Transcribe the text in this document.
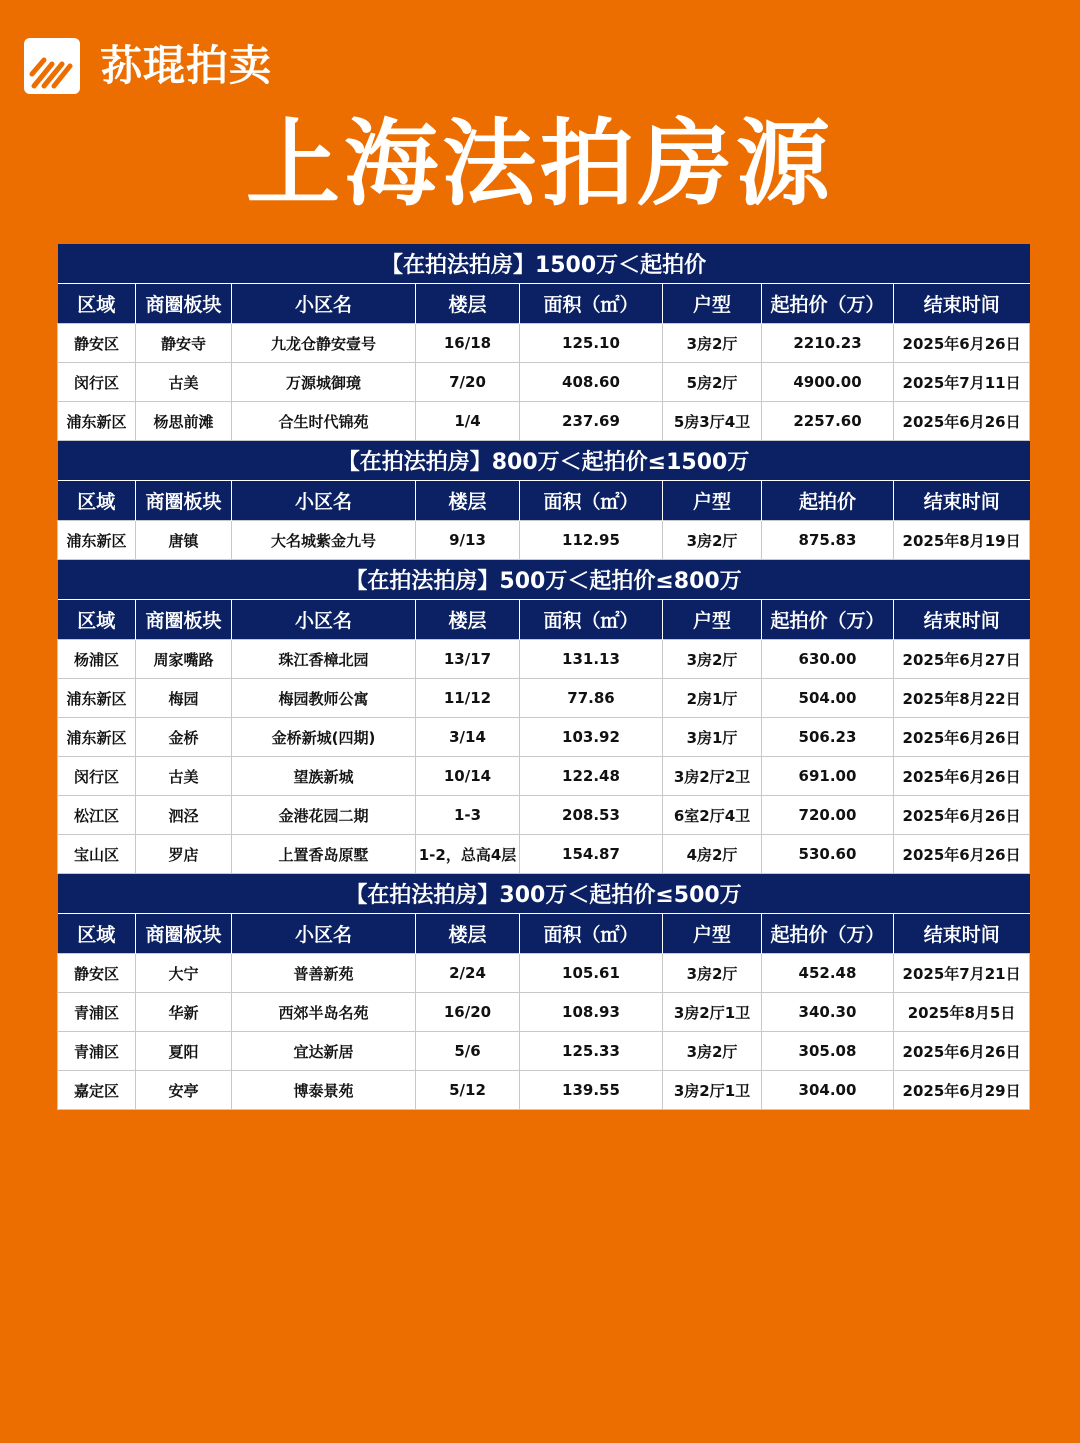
荪琨拍卖
上海法拍房源
【在拍法拍房】1500万＜起拍价							
区域	商圈板块	小区名	楼层	面积（㎡）	户型	起拍价（万）	结束时间
静安区	静安寺	九龙仓静安壹号	16/18	125.10	3房2厅	2210.23	2025年6月26日
闵行区	古美	万源城御璄	7/20	408.60	5房2厅	4900.00	2025年7月11日
浦东新区	杨思前滩	合生时代锦苑	1/4	237.69	5房3厅4卫	2257.60	2025年6月26日
【在拍法拍房】800万＜起拍价≤1500万							
区域	商圈板块	小区名	楼层	面积（㎡）	户型	起拍价	结束时间
浦东新区	唐镇	大名城紫金九号	9/13	112.95	3房2厅	875.83	2025年8月19日
【在拍法拍房】500万＜起拍价≤800万							
区域	商圈板块	小区名	楼层	面积（㎡）	户型	起拍价（万）	结束时间
杨浦区	周家嘴路	珠江香樟北园	13/17	131.13	3房2厅	630.00	2025年6月27日
浦东新区	梅园	梅园教师公寓	11/12	77.86	2房1厅	504.00	2025年8月22日
浦东新区	金桥	金桥新城(四期)	3/14	103.92	3房1厅	506.23	2025年6月26日
闵行区	古美	望族新城	10/14	122.48	3房2厅2卫	691.00	2025年6月26日
松江区	泗泾	金港花园二期	1-3	208.53	6室2厅4卫	720.00	2025年6月26日
宝山区	罗店	上置香岛原墅	1-2，总高4层	154.87	4房2厅	530.60	2025年6月26日
【在拍法拍房】300万＜起拍价≤500万							
区域	商圈板块	小区名	楼层	面积（㎡）	户型	起拍价（万）	结束时间
静安区	大宁	普善新苑	2/24	105.61	3房2厅	452.48	2025年7月21日
青浦区	华新	西郊半岛名苑	16/20	108.93	3房2厅1卫	340.30	2025年8月5日
青浦区	夏阳	宜达新居	5/6	125.33	3房2厅	305.08	2025年6月26日
嘉定区	安亭	博泰景苑	5/12	139.55	3房2厅1卫	304.00	2025年6月29日
